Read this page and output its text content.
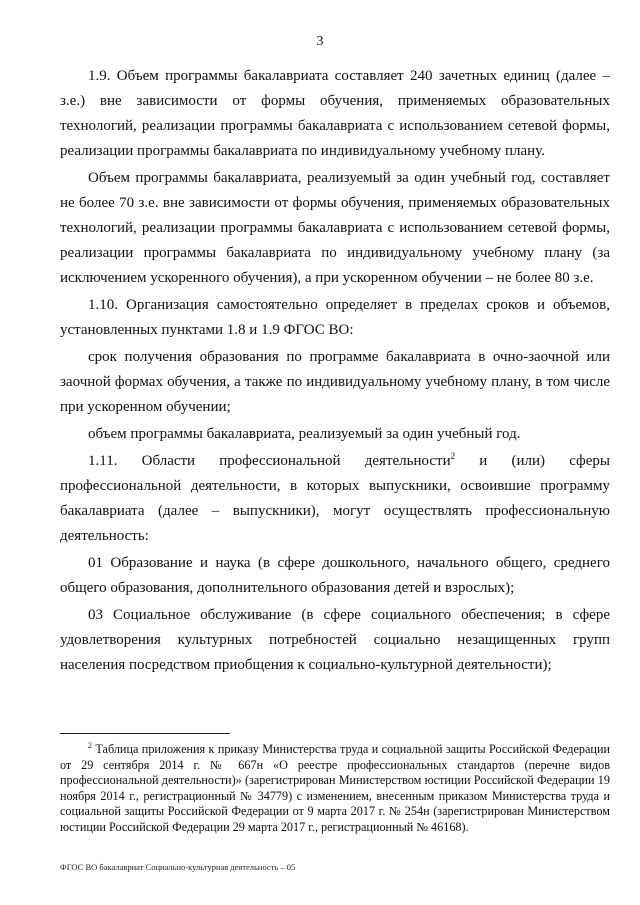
3

1.9. Объем программы бакалавриата составляет 240 зачетных единиц (далее – з.е.) вне зависимости от формы обучения, применяемых образовательных технологий, реализации программы бакалавриата с использованием сетевой формы, реализации программы бакалавриата по индивидуальному учебному плану.

Объем программы бакалавриата, реализуемый за один учебный год, составляет не более 70 з.е. вне зависимости от формы обучения, применяемых образовательных технологий, реализации программы бакалавриата с использованием сетевой формы, реализации программы бакалавриата по индивидуальному учебному плану (за исключением ускоренного обучения), а при ускоренном обучении – не более 80 з.е.

1.10. Организация самостоятельно определяет в пределах сроков и объемов, установленных пунктами 1.8 и 1.9 ФГОС ВО:

срок получения образования по программе бакалавриата в очно-заочной или заочной формах обучения, а также по индивидуальному учебному плану, в том числе при ускоренном обучении;

объем программы бакалавриата, реализуемый за один учебный год.

1.11. Области профессиональной деятельности$^2$ и (или) сферы профессиональной деятельности, в которых выпускники, освоившие программу бакалавриата (далее – выпускники), могут осуществлять профессиональную деятельность:

01 Образование и наука (в сфере дошкольного, начального общего, среднего общего образования, дополнительного образования детей и взрослых);

03 Социальное обслуживание (в сфере социального обеспечения; в сфере удовлетворения культурных потребностей социально незащищенных групп населения посредством приобщения к социально-культурной деятельности);

$^2$ Таблица приложения к приказу Министерства труда и социальной защиты Российской Федерации от 29 сентября 2014 г. № 667н «О реестре профессиональных стандартов (перечне видов профессиональной деятельности)» (зарегистрирован Министерством юстиции Российской Федерации 19 ноября 2014 г., регистрационный № 34779) с изменением, внесенным приказом Министерства труда и социальной защиты Российской Федерации от 9 марта 2017 г. № 254н (зарегистрирован Министерством юстиции Российской Федерации 29 марта 2017 г., регистрационный № 46168).

ФГОС ВО бакалавриат Социально-культурная деятельность – 05
